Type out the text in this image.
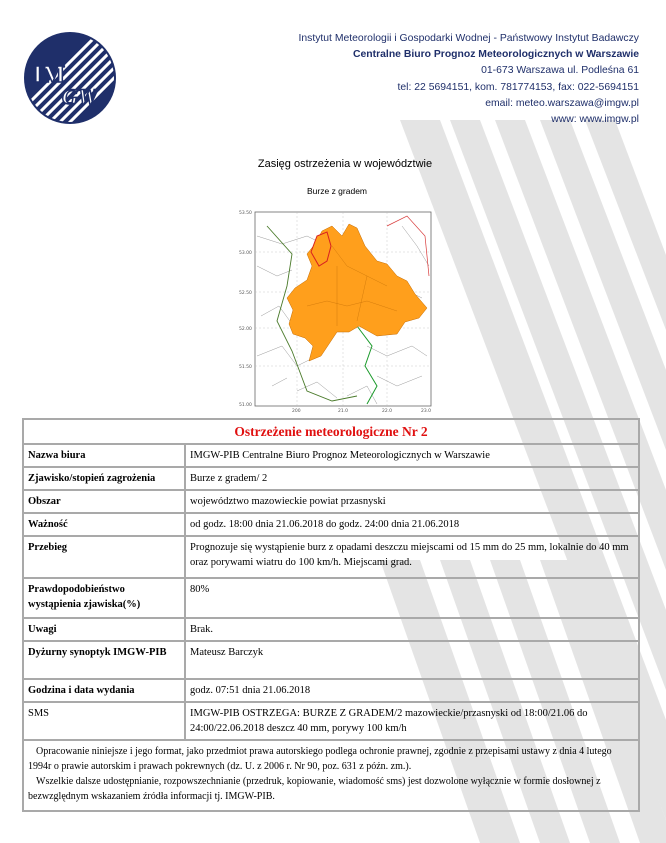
IM
GW
Instytut Meteorologii i Gospodarki Wodnej - Państwowy Instytut Badawczy
Centralne Biuro Prognoz Meteorologicznych w Warszawie
01-673 Warszawa ul. Podleśna 61
tel: 22 5694151, kom. 781774153, fax: 022-5694151
email: meteo.warszawa@imgw.pl
www: www.imgw.pl
Zasięg ostrzeżenia w województwie
Burze z gradem
53.50
53.00
52.50
52.00
51.50
51.00
200	21.0	22.0	23.0
Ostrzeżenie meteorologiczne Nr 2	
Nazwa biura	IMGW-PIB Centralne Biuro Prognoz Meteorologicznych w Warszawie
Zjawisko/stopień zagrożenia	Burze z gradem/ 2
Obszar	województwo mazowieckie powiat przasnyski
Ważność	od godz. 18:00 dnia 21.06.2018 do godz. 24:00 dnia 21.06.2018
Przebieg	Prognozuje się wystąpienie burz z opadami deszczu miejscami od 15 mm do 25 mm, lokalnie do 40 mm oraz porywami wiatru do 100 km/h. Miejscami grad.
Prawdopodobieństwo wystąpienia zjawiska(%)	80%
Uwagi	Brak.
Dyżurny synoptyk IMGW-PIB	Mateusz Barczyk
Godzina i data wydania	godz. 07:51 dnia 21.06.2018
SMS	IMGW-PIB OSTRZEGA: BURZE Z GRADEM/2 mazowieckie/przasnyski od 18:00/21.06 do 24:00/22.06.2018 deszcz 40 mm, porywy 100 km/h

Opracowanie niniejsze i jego format, jako przedmiot prawa autorskiego podlega ochronie prawnej, zgodnie z przepisami ustawy z dnia 4 lutego 1994r o prawie autorskim i prawach pokrewnych (dz. U. z 2006 r. Nr 90, poz. 631 z późn. zm.).

Wszelkie dalsze udostępnianie, rozpowszechnianie (przedruk, kopiowanie, wiadomość sms) jest dozwolone wyłącznie w formie dosłownej z bezwzględnym wskazaniem źródła informacji tj. IMGW-PIB.	
